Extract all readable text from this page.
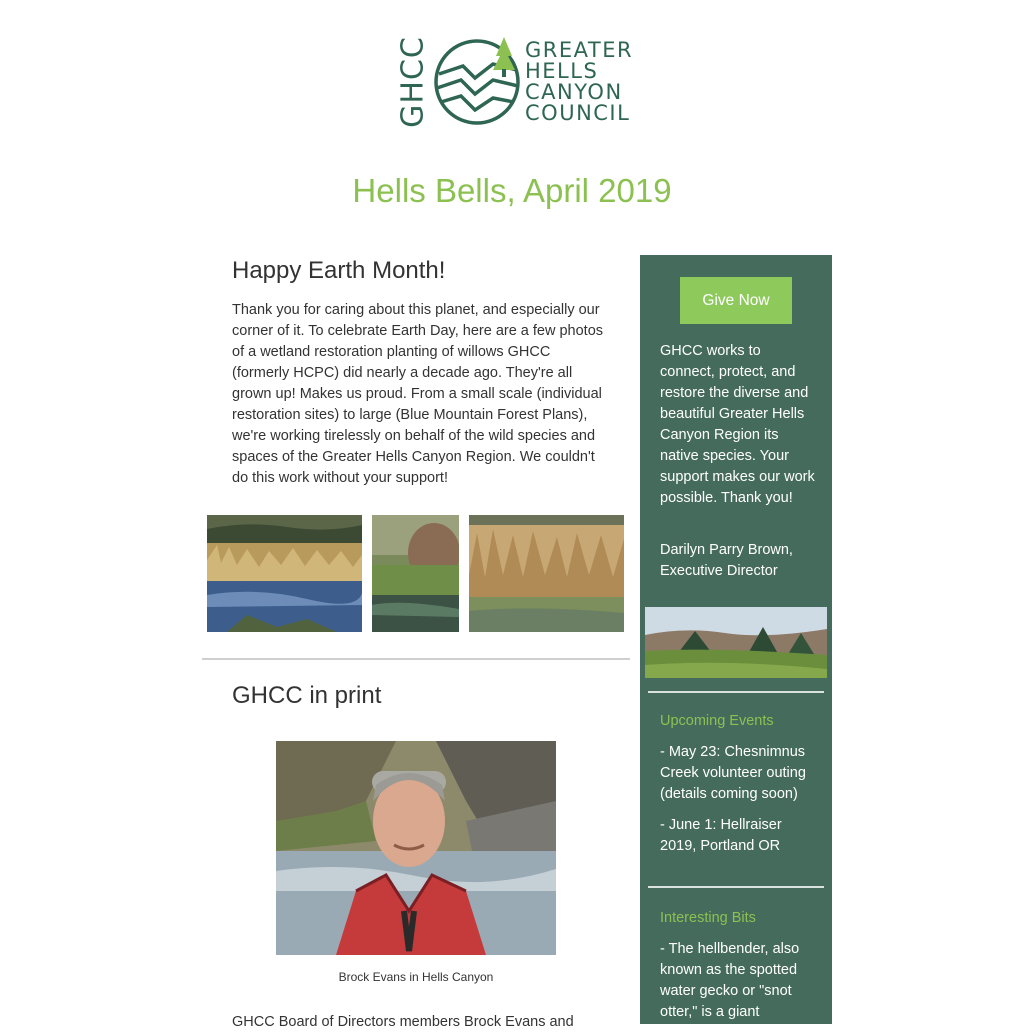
GHCC	GREATER
HELLS
CANYON
COUNCIL
Hells Bells, April 2019
Happy Earth Month!

Thank you for caring about this planet, and especially our corner of it. To celebrate Earth Day, here are a few photos of a wetland restoration planting of willows GHCC (formerly HCPC) did nearly a decade ago. They're all grown up! Makes us proud. From a small scale (individual restoration sites) to large (Blue Mountain Forest Plans), we're working tirelessly on behalf of the wild species and spaces of the Greater Hells Canyon Region. We couldn't do this work without your support!

GHCC in print
Brock Evans in Hells Canyon

GHCC Board of Directors members Brock Evans and

Give Now

GHCC works to connect, protect, and restore the diverse and beautiful Greater Hells Canyon Region its native species. Your support makes our work possible. Thank you!

Darilyn Parry Brown, Executive Director

Upcoming Events

- May 23: Chesnimnus Creek volunteer outing (details coming soon)

- June 1: Hellraiser 2019, Portland OR

Interesting Bits

- The hellbender, also known as the spotted water gecko or "snot otter," is a giant
